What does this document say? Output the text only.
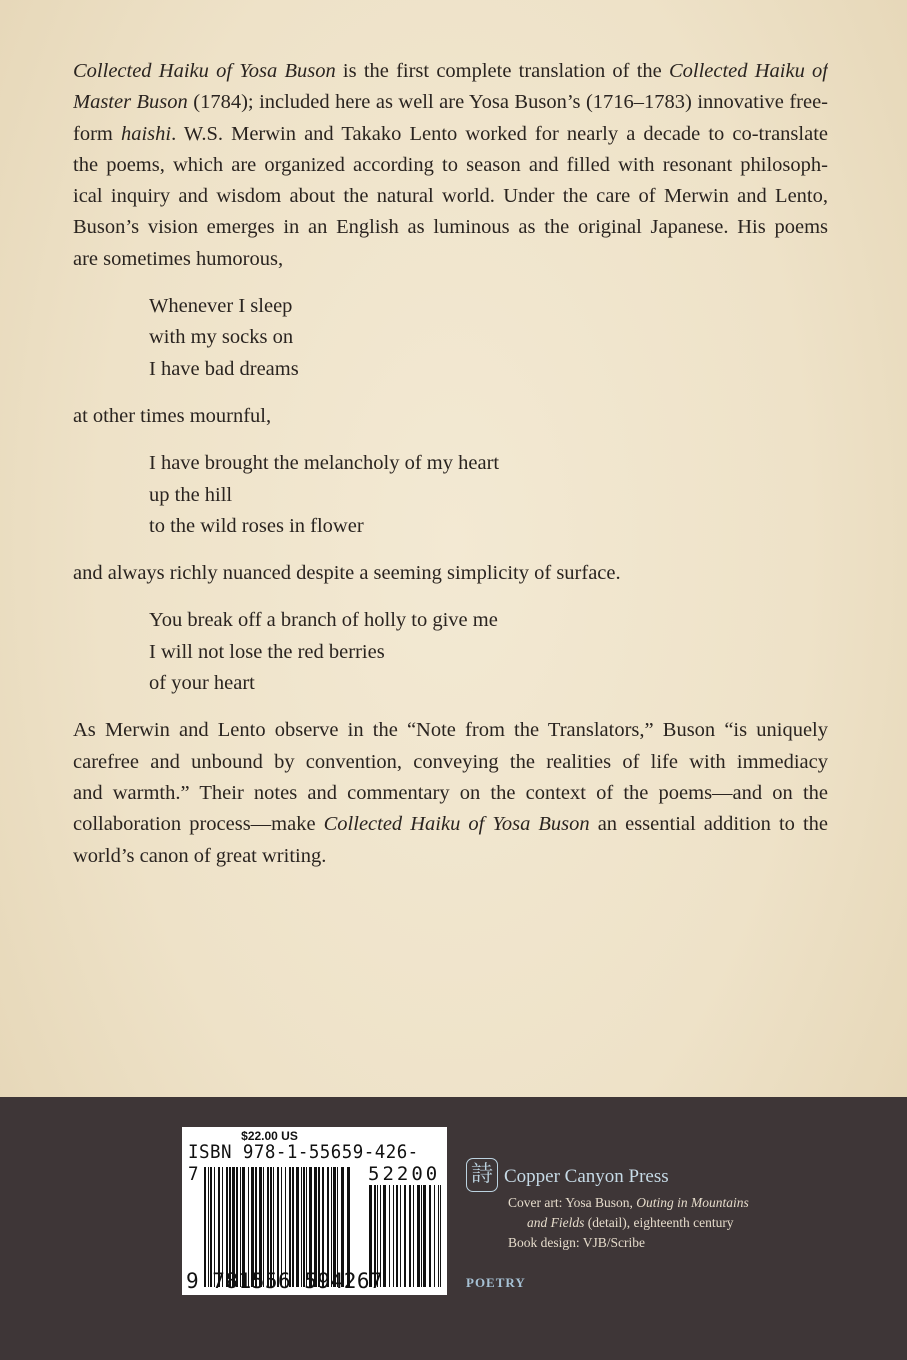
Collected Haiku of Yosa Buson is the first complete translation of the Collected Haiku of
Master Buson (1784); included here as well are Yosa Buson’s (1716–1783) innovative free-
form haishi. W.S. Merwin and Takako Lento worked for nearly a decade to co-translate
the poems, which are organized according to season and filled with resonant philosoph-
ical inquiry and wisdom about the natural world. Under the care of Merwin and Lento,
Buson’s vision emerges in an English as luminous as the original Japanese. His poems
are sometimes humorous,
Whenever I sleep
with my socks on
I have bad dreams
at other times mournful,
I have brought the melancholy of my heart
up the hill
to the wild roses in flower
and always richly nuanced despite a seeming simplicity of surface.
You break off a branch of holly to give me
I will not lose the red berries
of your heart
As Merwin and Lento observe in the “Note from the Translators,” Buson “is uniquely
carefree and unbound by convention, conveying the realities of life with immediacy
and warmth.” Their notes and commentary on the context of the poems—and on the
collaboration process—make Collected Haiku of Yosa Buson an essential addition to the
world’s canon of great writing.
$22.00 US
ISBN 978-1-55659-426-7	52200
9 781556 594267
詩 Copper Canyon Press
Cover art: Yosa Buson, Outing in Mountains
and Fields (detail), eighteenth century
Book design: VJB/Scribe
POETRY
